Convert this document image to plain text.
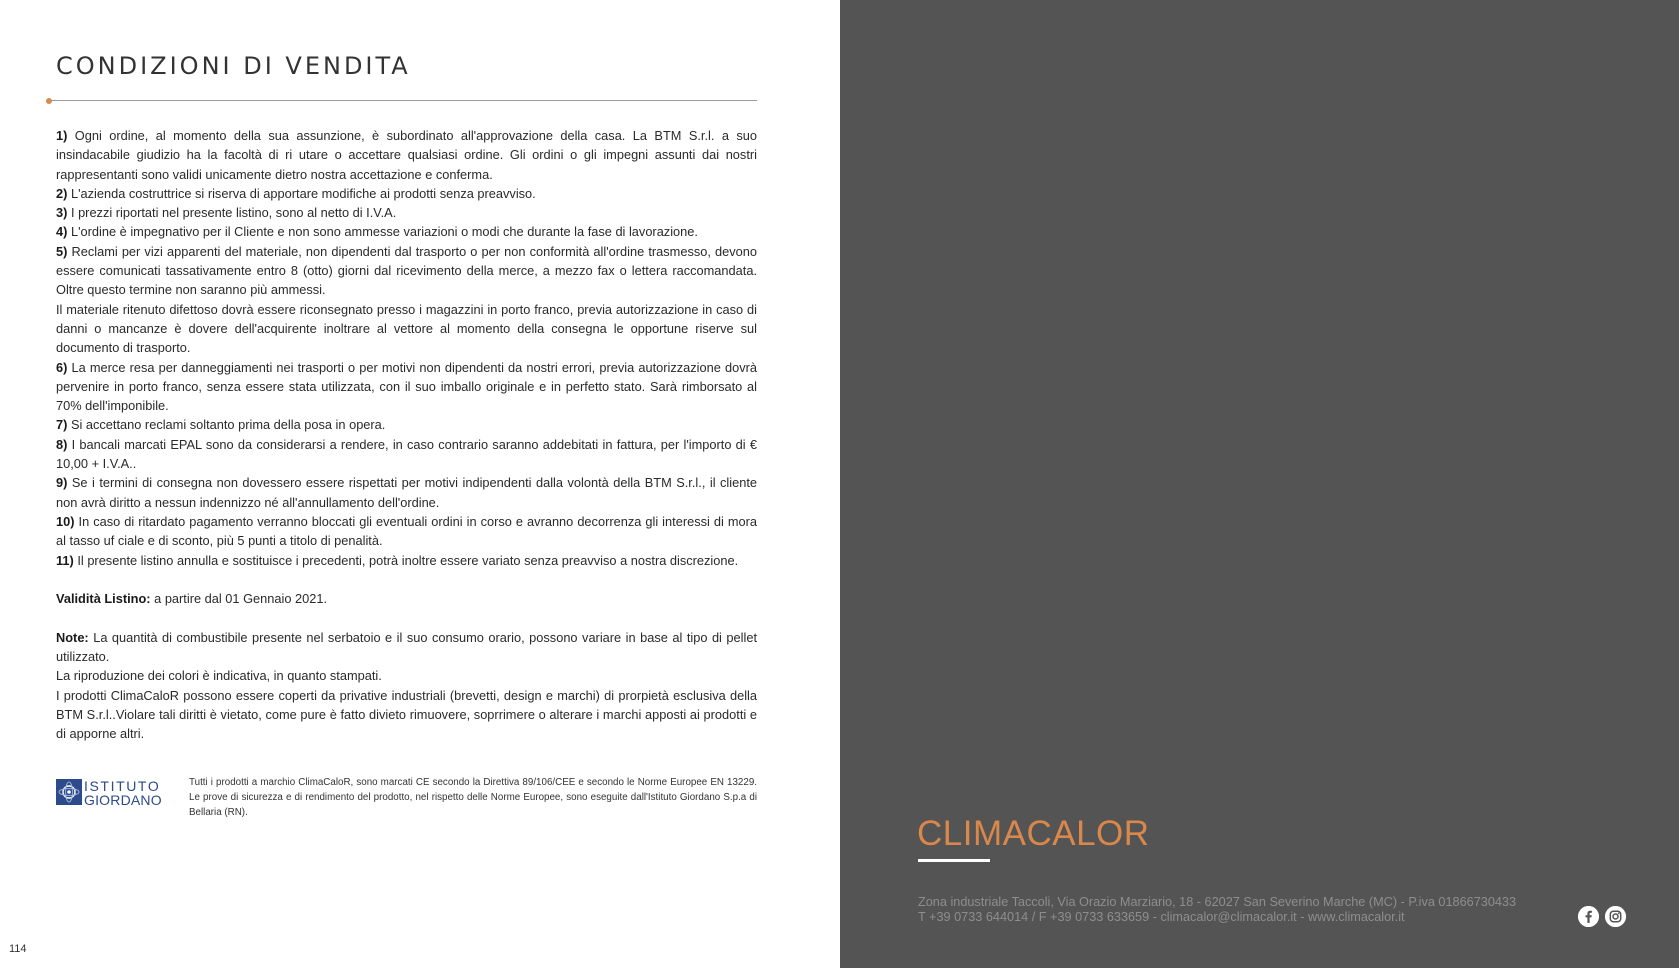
CONDIZIONI DI VENDITA

1) Ogni ordine, al momento della sua assunzione, è subordinato all'approvazione della casa. La BTM S.r.l. a suo insindacabile giudizio ha la facoltà di ri utare o accettare qualsiasi ordine. Gli ordini o gli impegni assunti dai nostri rappresentanti sono validi unicamente dietro nostra accettazione e conferma.

2) L'azienda costruttrice si riserva di apportare modifiche ai prodotti senza preavviso.

3) I prezzi riportati nel presente listino, sono al netto di I.V.A.

4) L'ordine è impegnativo per il Cliente e non sono ammesse variazioni o modi che durante la fase di lavorazione.

5) Reclami per vizi apparenti del materiale, non dipendenti dal trasporto o per non conformità all'ordine trasmesso, devono essere comunicati tassativamente entro 8 (otto) giorni dal ricevimento della merce, a mezzo fax o lettera raccomandata. Oltre questo termine non saranno più ammessi.

Il materiale ritenuto difettoso dovrà essere riconsegnato presso i magazzini in porto franco, previa autorizzazione in caso di danni o mancanze è dovere dell'acquirente inoltrare al vettore al momento della consegna le opportune riserve sul documento di trasporto.

6) La merce resa per danneggiamenti nei trasporti o per motivi non dipendenti da nostri errori, previa autorizzazione dovrà pervenire in porto franco, senza essere stata utilizzata, con il suo imballo originale e in perfetto stato. Sarà rimborsato al 70% dell'imponibile.

7) Si accettano reclami soltanto prima della posa in opera.

8) I bancali marcati EPAL sono da considerarsi a rendere, in caso contrario saranno addebitati in fattura, per l'importo di € 10,00 + I.V.A..

9) Se i termini di consegna non dovessero essere rispettati per motivi indipendenti dalla volontà della BTM S.r.l., il cliente non avrà diritto a nessun indennizzo né all'annullamento dell'ordine.

10) In caso di ritardato pagamento verranno bloccati gli eventuali ordini in corso e avranno decorrenza gli interessi di mora al tasso uf ciale e di sconto, più 5 punti a titolo di penalità.

11) Il presente listino annulla e sostituisce i precedenti, potrà inoltre essere variato senza preavviso a nostra discrezione.

Validità Listino: a partire dal 01 Gennaio 2021.

Note: La quantità di combustibile presente nel serbatoio e il suo consumo orario, possono variare in base al tipo di pellet utilizzato.

La riproduzione dei colori è indicativa, in quanto stampati.

I prodotti ClimaCaloR possono essere coperti da privative industriali (brevetti, design e marchi) di prorpietà esclusiva della BTM S.r.l..Violare tali diritti è vietato, come pure è fatto divieto rimuovere, soprrimere o alterare i marchi apposti ai prodotti e di apporne altri.

ISTITUTO
GIORDANO
Tutti i prodotti a marchio ClimaCaloR, sono marcati CE secondo la Direttiva 89/106/CEE e secondo le Norme Europee EN 13229. Le prove di sicurezza e di rendimento del prodotto, nel rispetto delle Norme Europee, sono eseguite dall'Istituto Giordano S.p.a di Bellaria (RN).
114
CLIMACALOR
Zona industriale Taccoli, Via Orazio Marziario, 18 - 62027 San Severino Marche (MC) - P.iva 01866730433
T +39 0733 644014 / F +39 0733 633659 - climacalor@climacalor.it - www.climacalor.it
